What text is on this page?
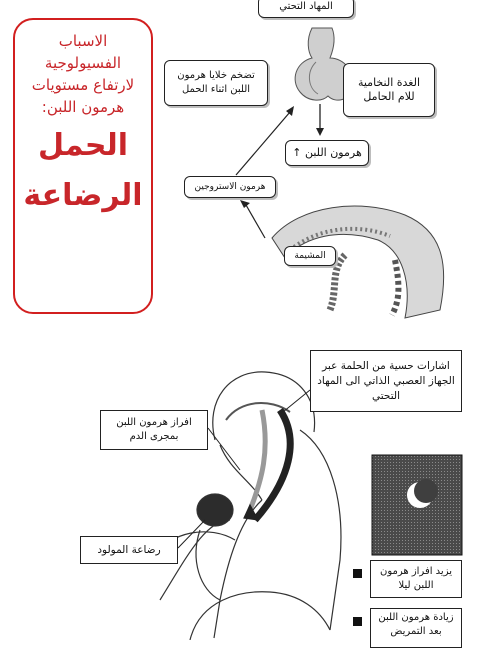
المهاد التحتي
تضخم خلايا هرمون اللبن اثناء الحمل
الغدة النخامية للام الحامل
هرمون اللبن ↑
هرمون الاستروجين
المشيمة
الاسباب الفسيولوجية لارتفاع مستويات هرمون اللبن:
الحمل
الرضاعة
اشارات حسية من الحلمة عبر الجهاز العصبي الذاتي الى المهاد التحتي
افراز هرمون اللبن بمجرى الدم
رضاعة المولود
يزيد افراز هرمون اللبن ليلا
زيادة هرمون اللبن بعد التمريض
